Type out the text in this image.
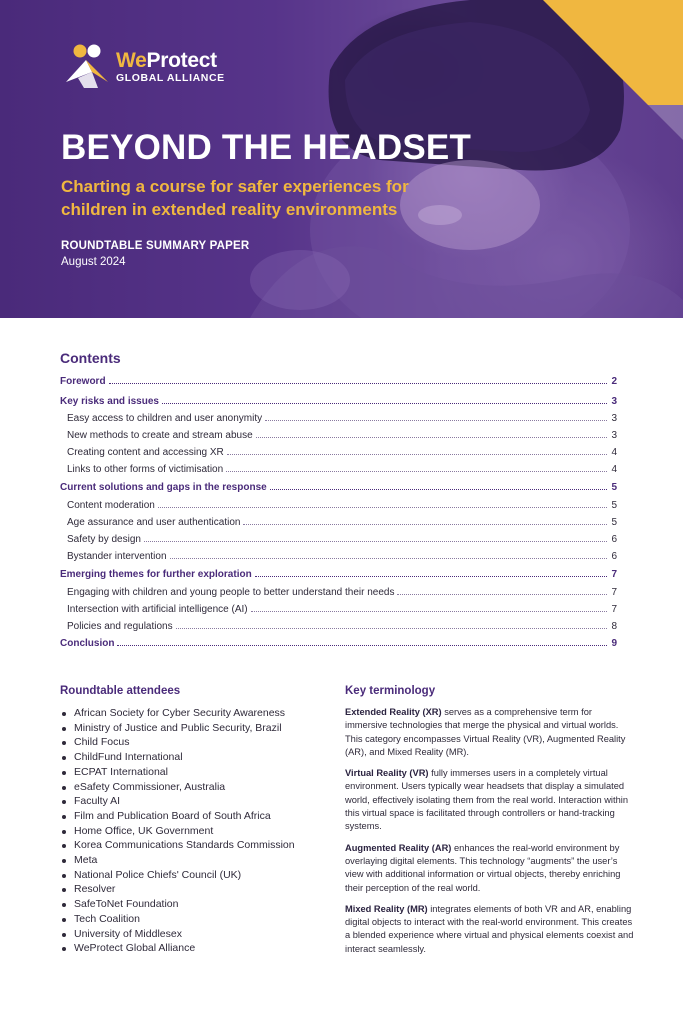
WeProtect
GLOBAL ALLIANCE
BEYOND THE HEADSET
Charting a course for safer experiences for
children in extended reality environments
ROUNDTABLE SUMMARY PAPER
August 2024
Contents
Foreword	2
Key risks and issues	3
Easy access to children and user anonymity	3
New methods to create and stream abuse	3
Creating content and accessing XR	4
Links to other forms of victimisation	4
Current solutions and gaps in the response	5
Content moderation	5
Age assurance and user authentication	5
Safety by design	6
Bystander intervention	6
Emerging themes for further exploration	7
Engaging with children and young people to better understand their needs	7
Intersection with artificial intelligence (AI)	7
Policies and regulations	8
Conclusion	9
Roundtable attendees
African Society for Cyber Security Awareness
Ministry of Justice and Public Security, Brazil
Child Focus
ChildFund International
ECPAT International
eSafety Commissioner, Australia
Faculty AI
Film and Publication Board of South Africa
Home Office, UK Government
Korea Communications Standards Commission
Meta
National Police Chiefs' Council (UK)
Resolver
SafeToNet Foundation
Tech Coalition
University of Middlesex
WeProtect Global Alliance
Key terminology

Extended Reality (XR) serves as a comprehensive term for immersive technologies that merge the physical and virtual worlds. This category encompasses Virtual Reality (VR), Augmented Reality (AR), and Mixed Reality (MR).

Virtual Reality (VR) fully immerses users in a completely virtual environment. Users typically wear headsets that display a simulated world, effectively isolating them from the real world. Interaction within this virtual space is facilitated through controllers or hand-tracking systems.

Augmented Reality (AR) enhances the real-world environment by overlaying digital elements. This technology “augments” the user’s view with additional information or virtual objects, thereby enriching their perception of the real world.

Mixed Reality (MR) integrates elements of both VR and AR, enabling digital objects to interact with the real-world environment. This creates a blended experience where virtual and physical elements coexist and interact seamlessly.
